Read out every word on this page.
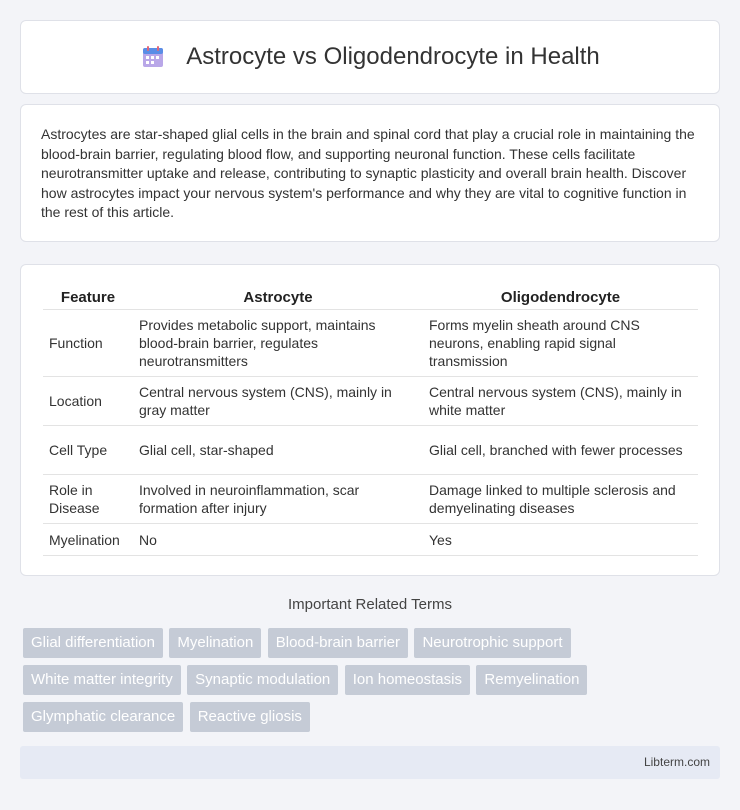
Astrocyte vs Oligodendrocyte in Health

Astrocytes are star-shaped glial cells in the brain and spinal cord that play a crucial role in maintaining the blood-brain barrier, regulating blood flow, and supporting neuronal function. These cells facilitate neurotransmitter uptake and release, contributing to synaptic plasticity and overall brain health. Discover how astrocytes impact your nervous system's performance and why they are vital to cognitive function in the rest of this article.

Feature	Astrocyte	Oligodendrocyte
Function	Provides metabolic support, maintains blood-brain barrier, regulates neurotransmitters	Forms myelin sheath around CNS neurons, enabling rapid signal transmission
Location	Central nervous system (CNS), mainly in gray matter	Central nervous system (CNS), mainly in white matter
Cell Type	Glial cell, star-shaped	Glial cell, branched with fewer processes
Role in Disease	Involved in neuroinflammation, scar formation after injury	Damage linked to multiple sclerosis and demyelinating diseases
Myelination	No	Yes
Important Related Terms
Glial differentiation Myelination Blood-brain barrier Neurotrophic support White matter integrity Synaptic modulation Ion homeostasis Remyelination Glymphatic clearance Reactive gliosis
Libterm.com
